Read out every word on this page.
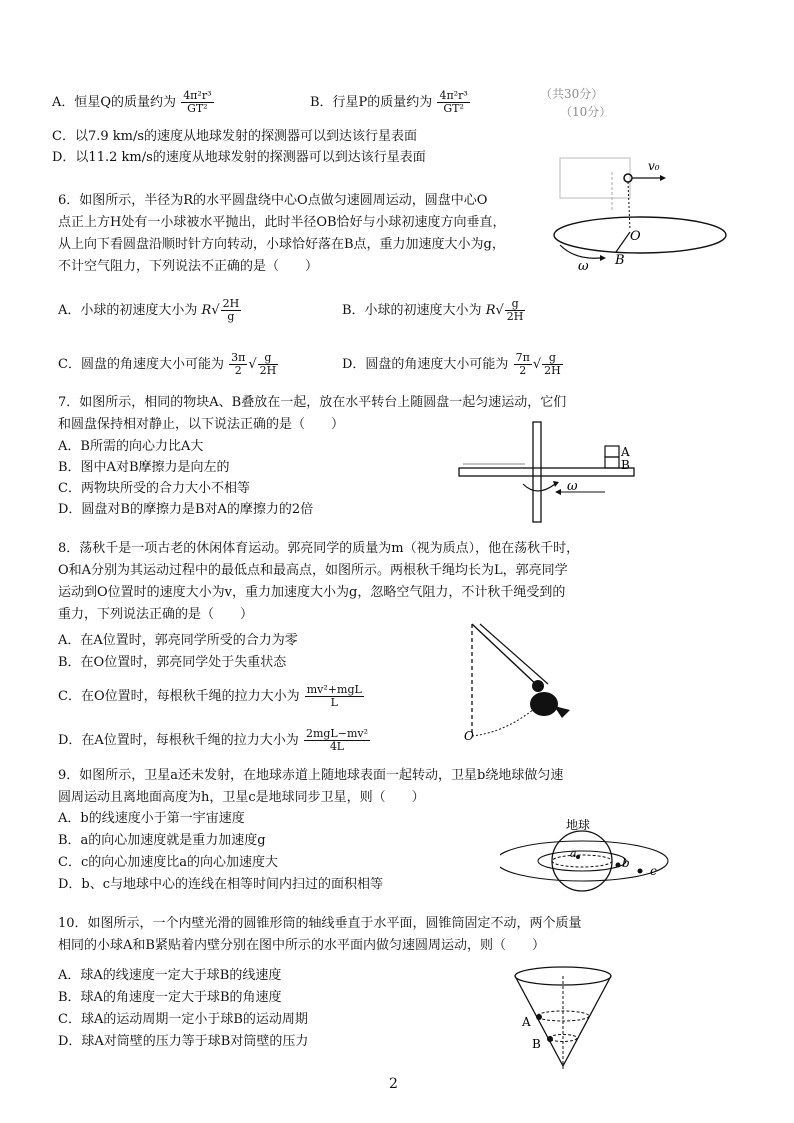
A．恒星Q的质量约为 $\frac{\text{4π²r³}}{\text{GT²}}$	B．行星P的质量约为 $\frac{\text{4π²r³}}{\text{GT²}}$	（共30分）
（10分）
C．以7.9 km/s的速度从地球发射的探测器可以到达该行星表面
D．以11.2 km/s的速度从地球发射的探测器可以到达该行星表面
6．如图所示，半径为R的水平圆盘绕中心O点做匀速圆周运动，圆盘中心O
点正上方H处有一小球被水平抛出，此时半径OB恰好与小球初速度方向垂直，
从上向下看圆盘沿顺时针方向转动，小球恰好落在B点，重力加速度大小为g，
不计空气阻力，下列说法不正确的是（　　）
v₀
O
B
ω
A．小球的初速度大小为 $R√ \frac{2H}{g}$	B．小球的初速度大小为 $R√ \frac{g}{2H}$
C．圆盘的角速度大小可能为 $\frac{3\pi}{2}$ √ $\frac{g}{2H}$	D．圆盘的角速度大小可能为 $\frac{7\pi}{2}$ √ $\frac{g}{2H}$
7．如图所示，相同的物块A、B叠放在一起，放在水平转台上随圆盘一起匀速运动，它们
和圆盘保持相对静止，以下说法正确的是（　　）
A．B所需的向心力比A大
B．图中A对B摩擦力是向左的
C．两物块所受的合力大小不相等
D．圆盘对B的摩擦力是B对A的摩擦力的2倍
A
B
ω
8．荡秋千是一项古老的休闲体育运动。郭亮同学的质量为m（视为质点），他在荡秋千时，
O和A分别为其运动过程中的最低点和最高点，如图所示。两根秋千绳均长为L，郭亮同学
运动到O位置时的速度大小为v，重力加速度大小为g，忽略空气阻力，不计秋千绳受到的
重力，下列说法正确的是（　　）
A．在A位置时，郭亮同学所受的合力为零
B．在O位置时，郭亮同学处于失重状态
C．在O位置时，每根秋千绳的拉力大小为 $\frac{\text{mv²+mgL}}{L}$
D．在A位置时，每根秋千绳的拉力大小为 $\frac{\text{2mgL−mv²}}{4L}$	O
9．如图所示，卫星a还未发射，在地球赤道上随地球表面一起转动，卫星b绕地球做匀速
圆周运动且离地面高度为h，卫星c是地球同步卫星，则（　　）
A．b的线速度小于第一宇宙速度
B．a的向心加速度就是重力加速度g
C．c的向心加速度比a的向心加速度大
D．b、c与地球中心的连线在相等时间内扫过的面积相等
地球
a
b
c
10．如图所示，一个内壁光滑的圆锥形筒的轴线垂直于水平面，圆锥筒固定不动，两个质量
相同的小球A和B紧贴着内壁分别在图中所示的水平面内做匀速圆周运动，则（　　）
A．球A的线速度一定大于球B的线速度
B．球A的角速度一定大于球B的角速度
C．球A的运动周期一定小于球B的运动周期
D．球A对筒壁的压力等于球B对筒壁的压力
A
B
2
